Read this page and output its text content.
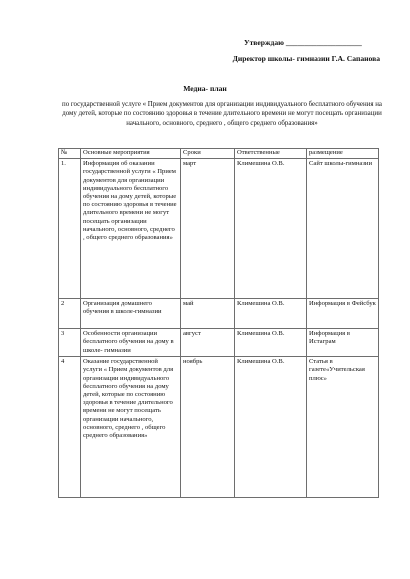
Утверждаю ____________________
Директор школы- гимназии Г.А. Сапанова
Медиа- план
по государственной услуге « Прием документов для организации индивидуального бесплатного обучения на дому детей, которые по состоянию здоровья в течение длительного времени не могут посещать организации начального, основного, среднего , общего среднего образования»
№	Основные мероприятия	Сроки	Ответственные	размещение
1.	Информация об оказании государственной услуги « Прием документов для организации индивидуального бесплатного обучения на дому детей, которые по состоянию здоровья в течение длительного времени не могут посещать организации начального, основного, среднего , общего среднего образования»	март	Климешина О.В.	Сайт школы-гимназии
2	Организация домашнего обучения в школе-гимназии	май	Климешина О.В.	Информация в Фейсбук
3	Особенности организации бесплатного обучения на дому в школе- гимназии	август	Климешина О.В.	Информация в Истаграм
4	Оказание государственной услуги « Прием документов для организации индивидуального бесплатного обучения на дому детей, которые по состоянию здоровья в течение длительного времени не могут посещать организации начального, основного, среднего , общего среднего образования»	ноябрь	Климешина О.В.	Статья в газете«Учительская плюс»
